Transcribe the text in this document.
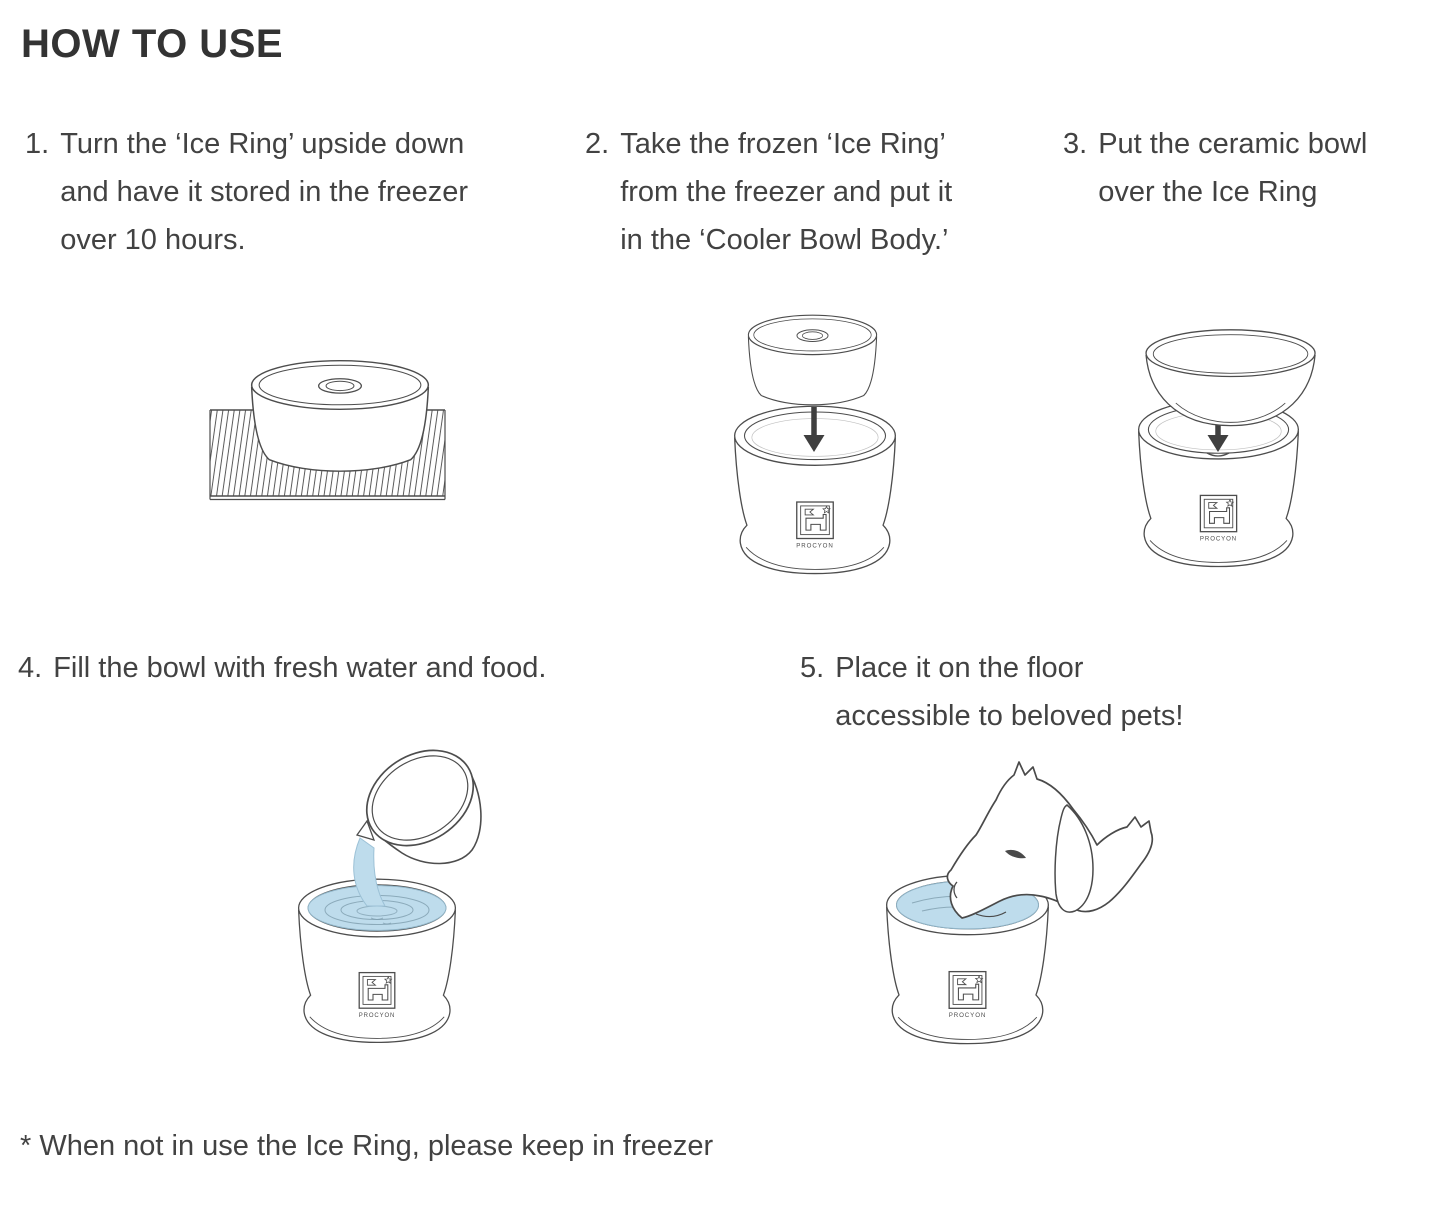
HOW TO USE
1. Turn the ‘Ice Ring’ upside down
and have it stored in the freezer
over 10 hours.
2. Take the frozen ‘Ice Ring’
from the freezer and put it
in the ‘Cooler Bowl Body.’
3. Put the ceramic bowl
over the Ice Ring
4. Fill the bowl with fresh water and food.	5. Place it on the floor
accessible to beloved pets!
* When not in use the Ice Ring, please keep in freezer
